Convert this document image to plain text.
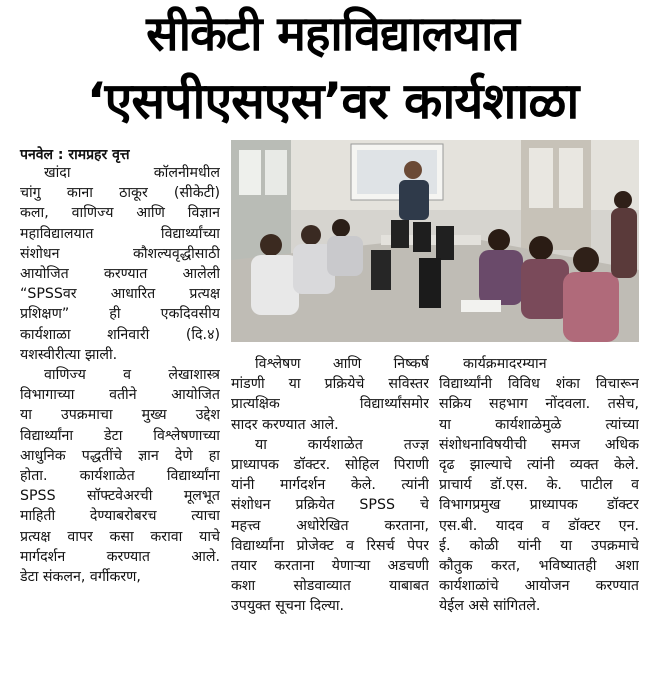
सीकेटी महाविद्यालयात
‘एसपीएसएस’वर कार्यशाळा
पनवेल : रामप्रहर वृत्त
खांदा कॉलनीमधील
चांगु काना ठाकूर (सीकेटी)
कला, वाणिज्य आणि विज्ञान
महाविद्यालयात विद्यार्थ्यांच्या
संशोधन कौशल्यवृद्धीसाठी
आयोजित करण्यात आलेली
“SPSSवर आधारित प्रत्यक्ष
प्रशिक्षण” ही एकदिवसीय
कार्यशाळा शनिवारी (दि.४)
यशस्वीरीत्या झाली.
वाणिज्य व लेखाशास्त्र
विभागाच्या वतीने आयोजित
या उपक्रमाचा मुख्य उद्देश
विद्यार्थ्यांना डेटा विश्लेषणाच्या
आधुनिक पद्धतींचे ज्ञान देणे हा
होता. कार्यशाळेत विद्यार्थ्यांना
SPSS सॉफ्टवेअरची मूलभूत
माहिती देण्याबरोबरच त्याचा
प्रत्यक्ष वापर कसा करावा याचे
मार्गदर्शन करण्यात आले.
डेटा संकलन, वर्गीकरण,
विश्लेषण आणि निष्कर्ष
मांडणी या प्रक्रियेचे सविस्तर
प्रात्यक्षिक विद्यार्थ्यांसमोर
सादर करण्यात आले.
या कार्यशाळेत तज्ज्ञ
प्राध्यापक डॉक्टर. सोहिल पिराणी
यांनी मार्गदर्शन केले. त्यांनी
संशोधन प्रक्रियेत SPSS चे
महत्त्व अधोरेखित करताना,
विद्यार्थ्यांना प्रोजेक्ट व रिसर्च पेपर
तयार करताना येणाऱ्या अडचणी
कशा सोडवाव्यात याबाबत
उपयुक्त सूचना दिल्या.
कार्यक्रमादरम्यान
विद्यार्थ्यांनी विविध शंका विचारून
सक्रिय सहभाग नोंदवला. तसेच,
या कार्यशाळेमुळे त्यांच्या
संशोधनाविषयीची समज अधिक
दृढ झाल्याचे त्यांनी व्यक्त केले.
प्राचार्य डॉ.एस. के. पाटील व
विभागप्रमुख प्राध्यापक डॉक्टर
एस.बी. यादव व डॉक्टर एन.
ई. कोळी यांनी या उपक्रमाचे
कौतुक करत, भविष्यातही अशा
कार्यशाळांचे आयोजन करण्यात
येईल असे सांगितले.
